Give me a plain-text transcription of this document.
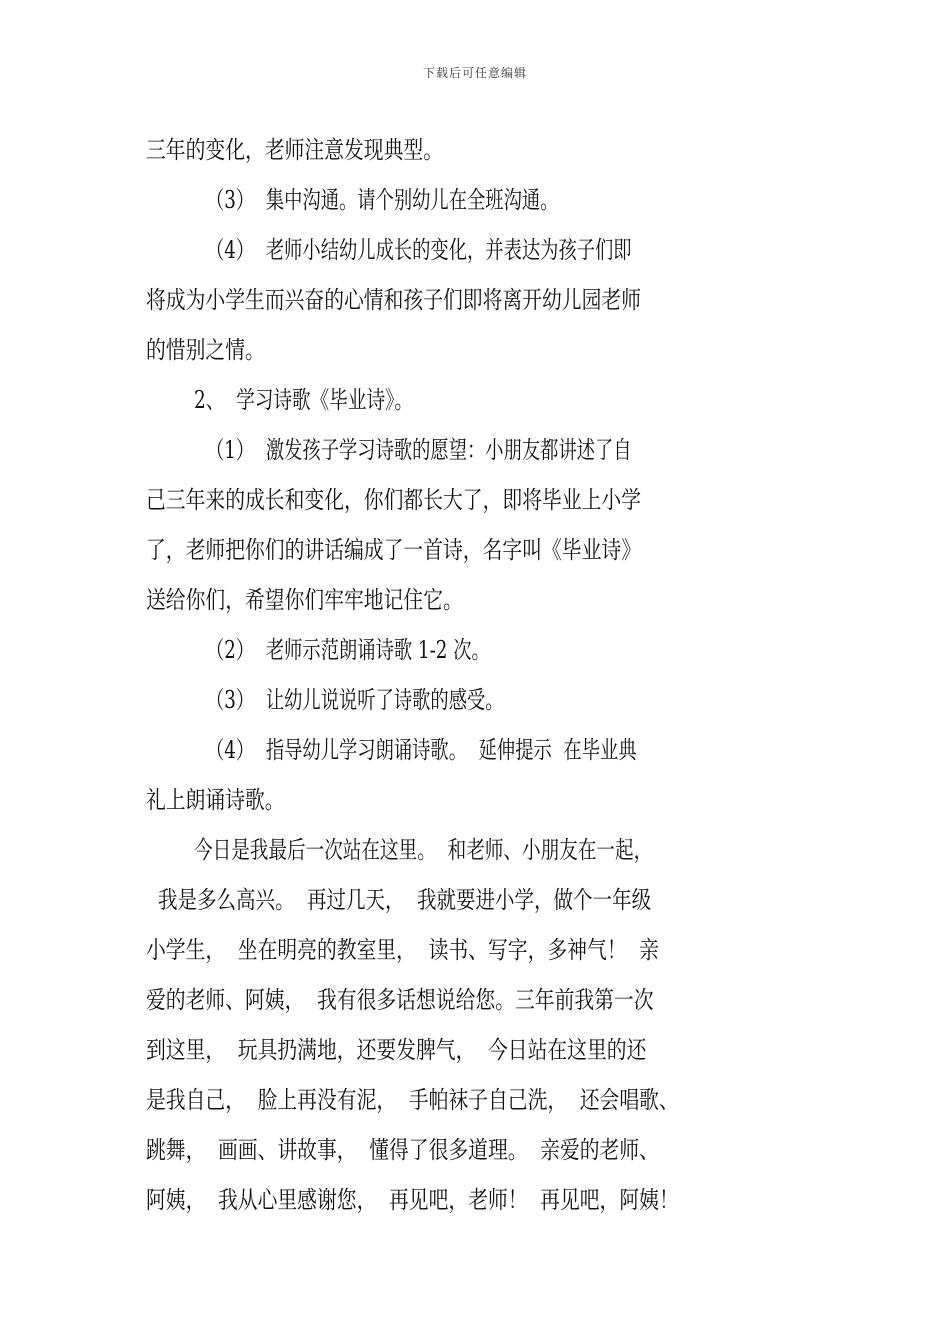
下载后可任意编辑
三年的变化，老师注意发现典型。
（3）  集中沟通。请个别幼儿在全班沟通。
（4）  老师小结幼儿成长的变化，并表达为孩子们即
将成为小学生而兴奋的心情和孩子们即将离开幼儿园老师
的惜别之情。
2、  学习诗歌《毕业诗》。
（1）  激发孩子学习诗歌的愿望：小朋友都讲述了自
己三年来的成长和变化，你们都长大了，即将毕业上小学
了，老师把你们的讲话编成了一首诗，名字叫《毕业诗》
送给你们，希望你们牢牢地记住它。
（2）  老师示范朗诵诗歌 1-2 次。
（3）  让幼儿说说听了诗歌的感受。
（4）  指导幼儿学习朗诵诗歌。  延伸提示  在毕业典
礼上朗诵诗歌。
今日是我最后一次站在这里。  和老师、小朋友在一起，
我是多么高兴。  再过几天，  我就要进小学，做个一年级
小学生，  坐在明亮的教室里，  读书、写字，多神气！  亲
爱的老师、阿姨，  我有很多话想说给您。三年前我第一次
到这里，  玩具扔满地，还要发脾气，  今日站在这里的还
是我自己，  脸上再没有泥，  手帕袜子自己洗，  还会唱歌、
跳舞，  画画、讲故事，  懂得了很多道理。  亲爱的老师、
阿姨，  我从心里感谢您，  再见吧，老师！  再见吧，阿姨！
